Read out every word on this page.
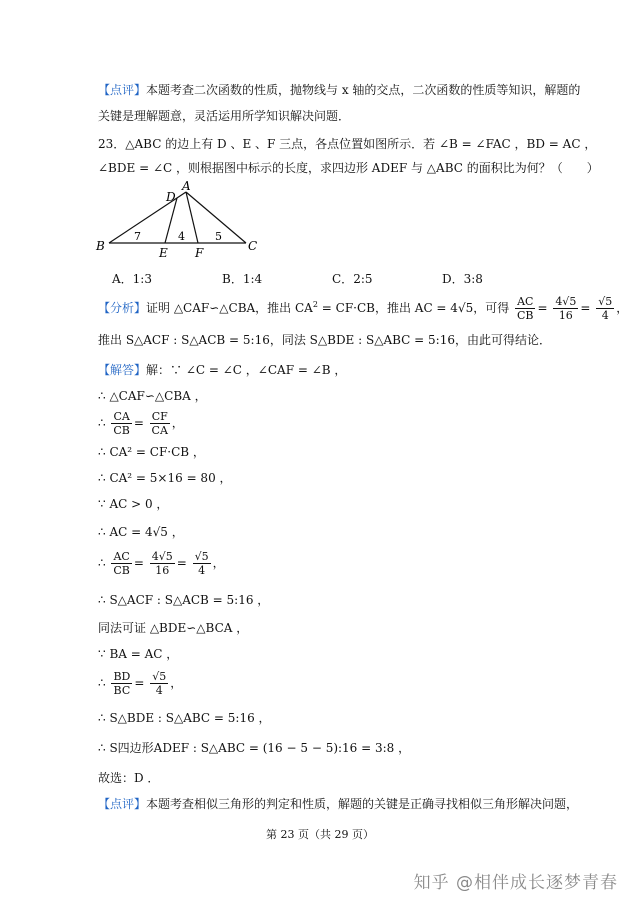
【点评】本题考查二次函数的性质，抛物线与 x 轴的交点，二次函数的性质等知识，解题的
关键是理解题意，灵活运用所学知识解决问题．
23．△ABC 的边上有 D 、E 、F 三点，各点位置如图所示．若 ∠B = ∠FAC ，BD = AC ，
∠BDE = ∠C ，则根据图中标示的长度，求四边形 ADEF 与 △ABC 的面积比为何？（　　）
A
B	C
D
E F
7	4	5
A．1:3	B．1:4	C．2:5	D．3:8
【分析】证明 △CAF∽△CBA，推出 $CA^2 = CF\cdot CB$，推出 AC = 4√5，可得 $\frac{AC}{CB} = \frac{4√5}{16} = \frac{√5}{4}$ ，
推出 S△ACF : S△ACB = 5:16，同法 S△BDE : S△ABC = 5:16，由此可得结论．
【解答】解：∵ ∠C = ∠C ，∠CAF = ∠B ，
∴ △CAF∽△CBA ，
∴ $\frac{CA}{CB} = \frac{CF}{CA}$ ，
∴ CA² = CF·CB ，
∴ CA² = 5×16 = 80 ，
∵ AC > 0 ，
∴ AC = 4√5 ，
∴ $\frac{AC}{CB} = \frac{4√5}{16} = \frac{√5}{4}$ ，
∴ S△ACF : S△ACB = 5:16 ，
同法可证 △BDE∽△BCA ，
∵ BA = AC ，
∴ $\frac{BD}{BC} = \frac{√5}{4}$ ，
∴ S△BDE : S△ABC = 5:16 ，
∴ S四边形ADEF : S△ABC = (16 − 5 − 5):16 = 3:8 ，
故选：D ．
【点评】本题考查相似三角形的判定和性质，解题的关键是正确寻找相似三角形解决问题，
第 23 页（共 29 页）
知乎 @相伴成长逐梦青春
